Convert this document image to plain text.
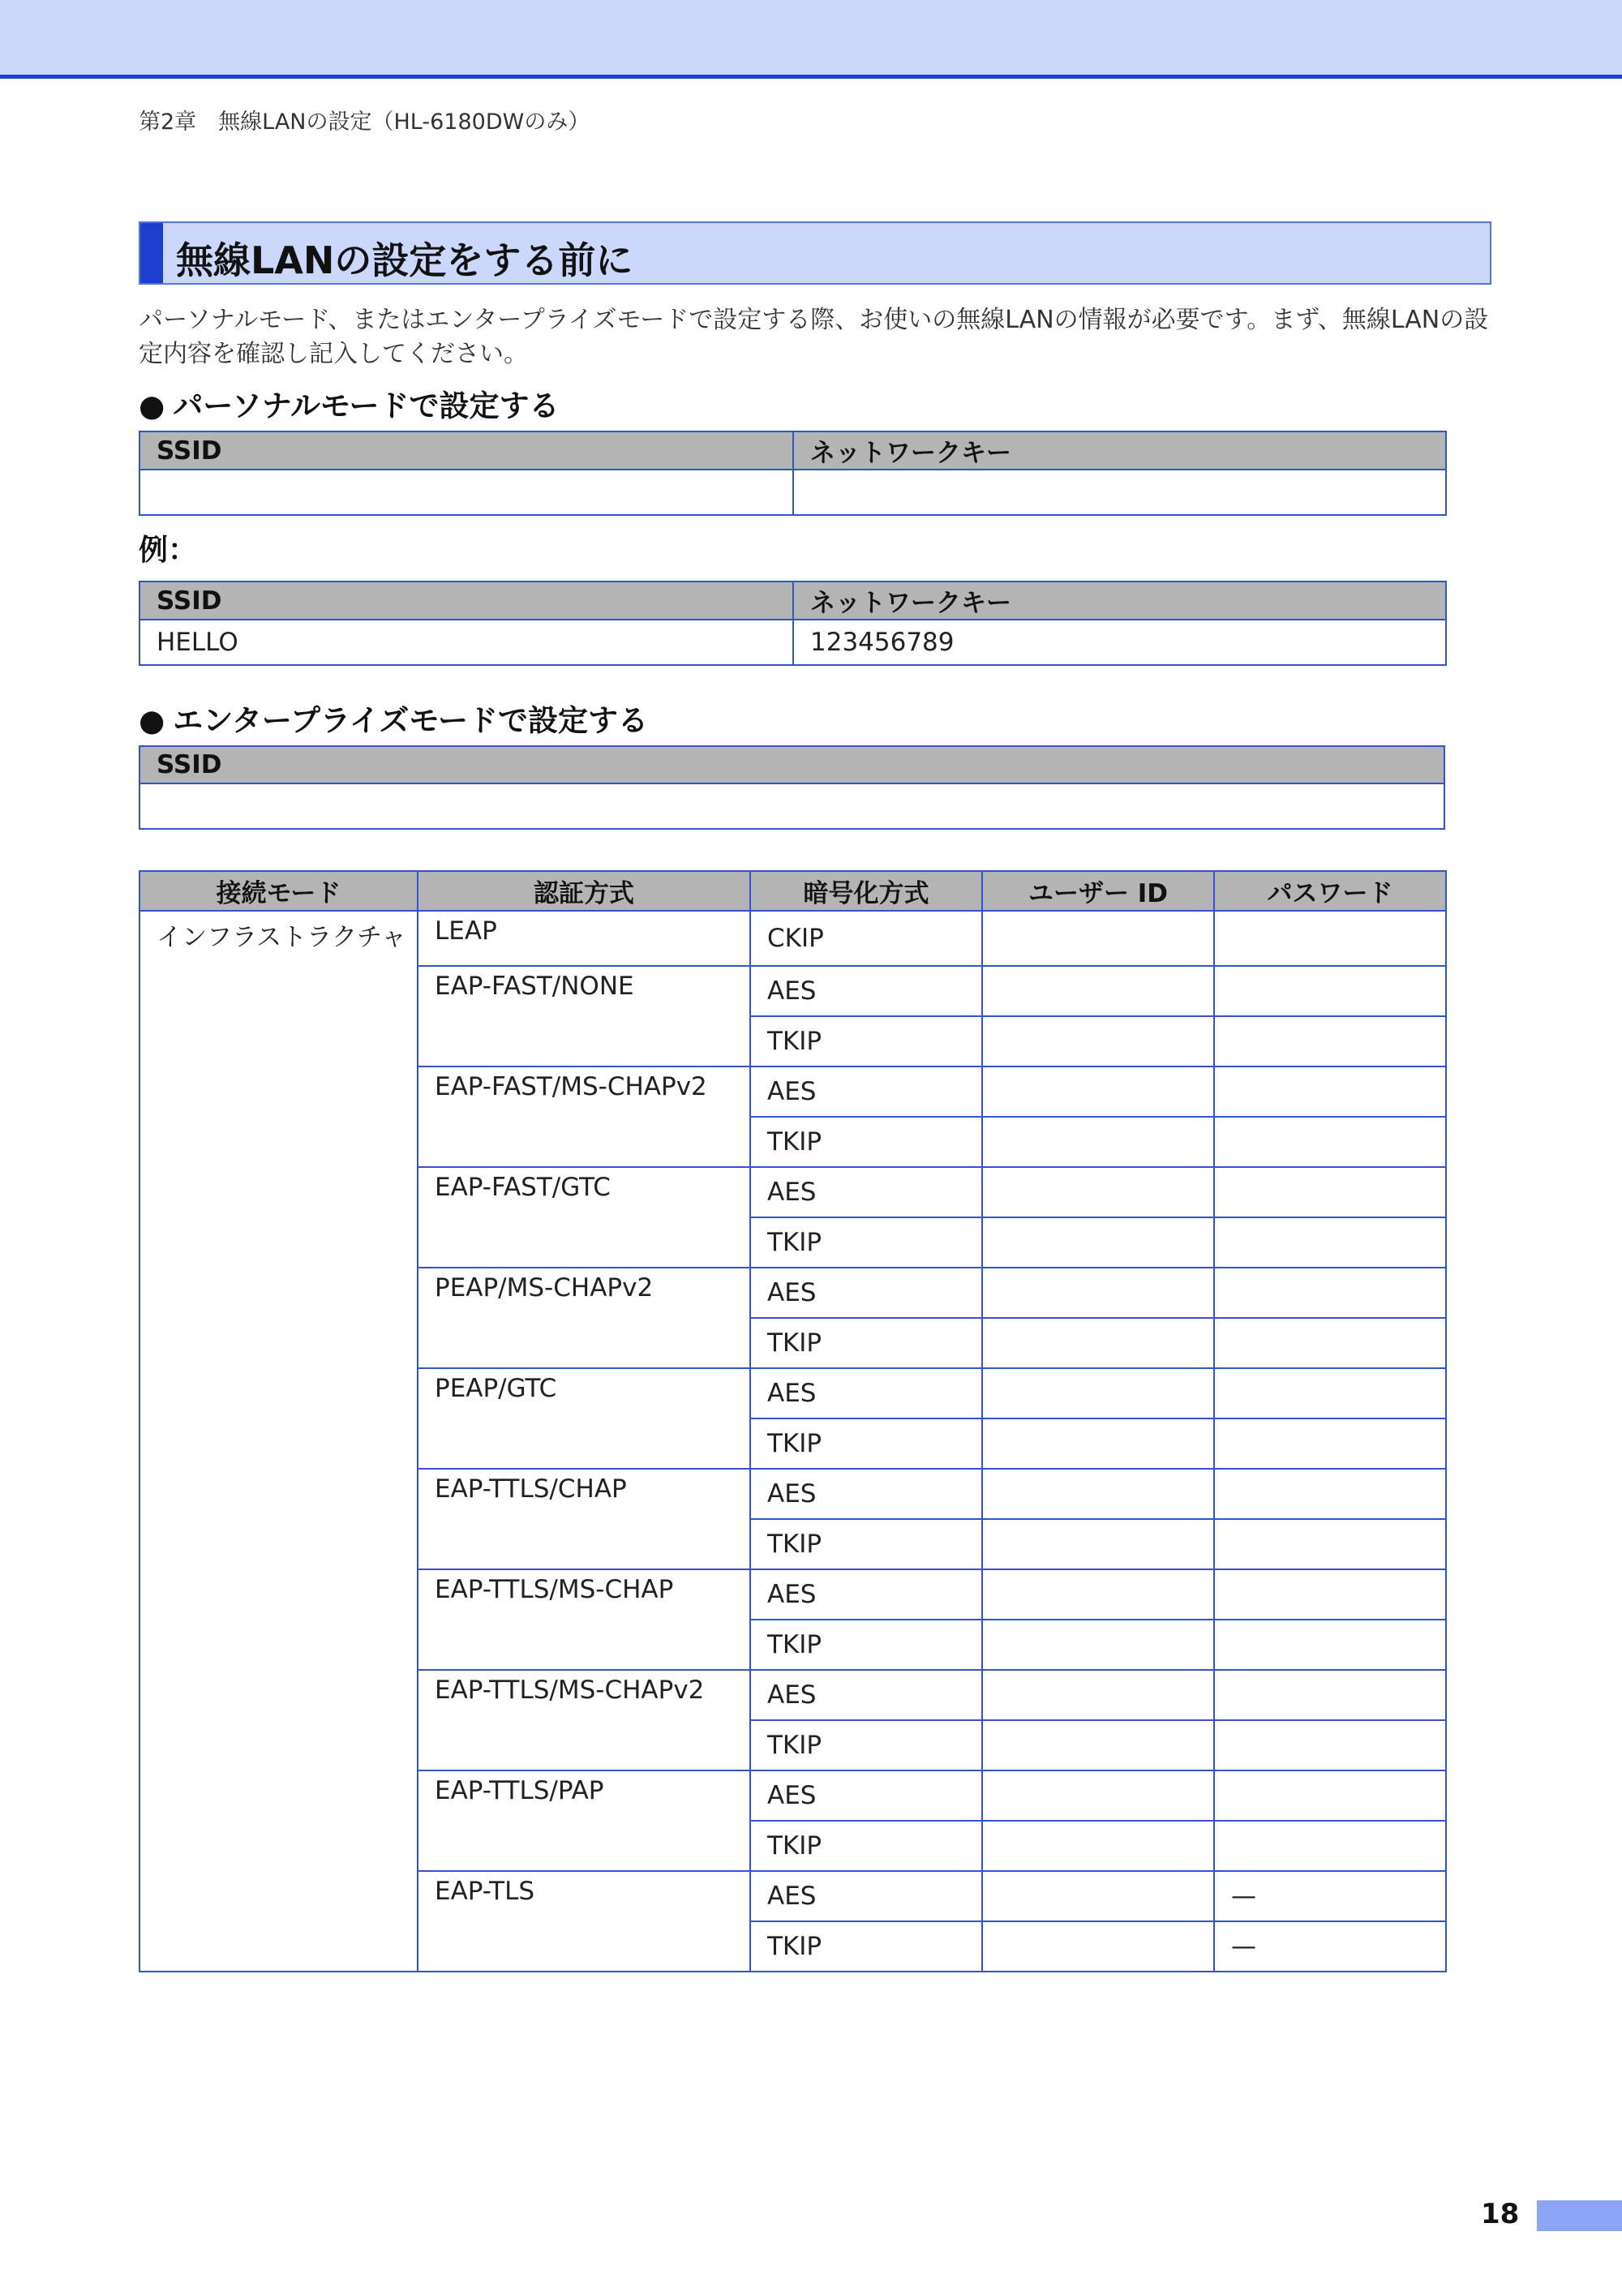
第2章　無線LANの設定（HL-6180DWのみ）
無線LANの設定をする前に
パーソナルモード、またはエンタープライズモードで設定する際、お使いの無線LANの情報が必要です。まず、無線LANの設定内容を確認し記入してください。
● パーソナルモードで設定する
SSID	ネットワークキー

例：
SSID	ネットワークキー
HELLO	123456789
● エンタープライズモードで設定する
SSID

接続モード	認証方式	暗号化方式	ユーザー ID	パスワード
インフラストラクチャ	LEAP	CKIP		
	EAP-FAST/NONE	AES		
		TKIP		
	EAP-FAST/MS-CHAPv2	AES		
		TKIP		
	EAP-FAST/GTC	AES		
		TKIP		
	PEAP/MS-CHAPv2	AES		
		TKIP		
	PEAP/GTC	AES		
		TKIP		
	EAP-TTLS/CHAP	AES		
		TKIP		
	EAP-TTLS/MS-CHAP	AES		
		TKIP		
	EAP-TTLS/MS-CHAPv2	AES		
		TKIP		
	EAP-TTLS/PAP	AES		
		TKIP		
	EAP-TLS	AES		—
		TKIP		—
18
